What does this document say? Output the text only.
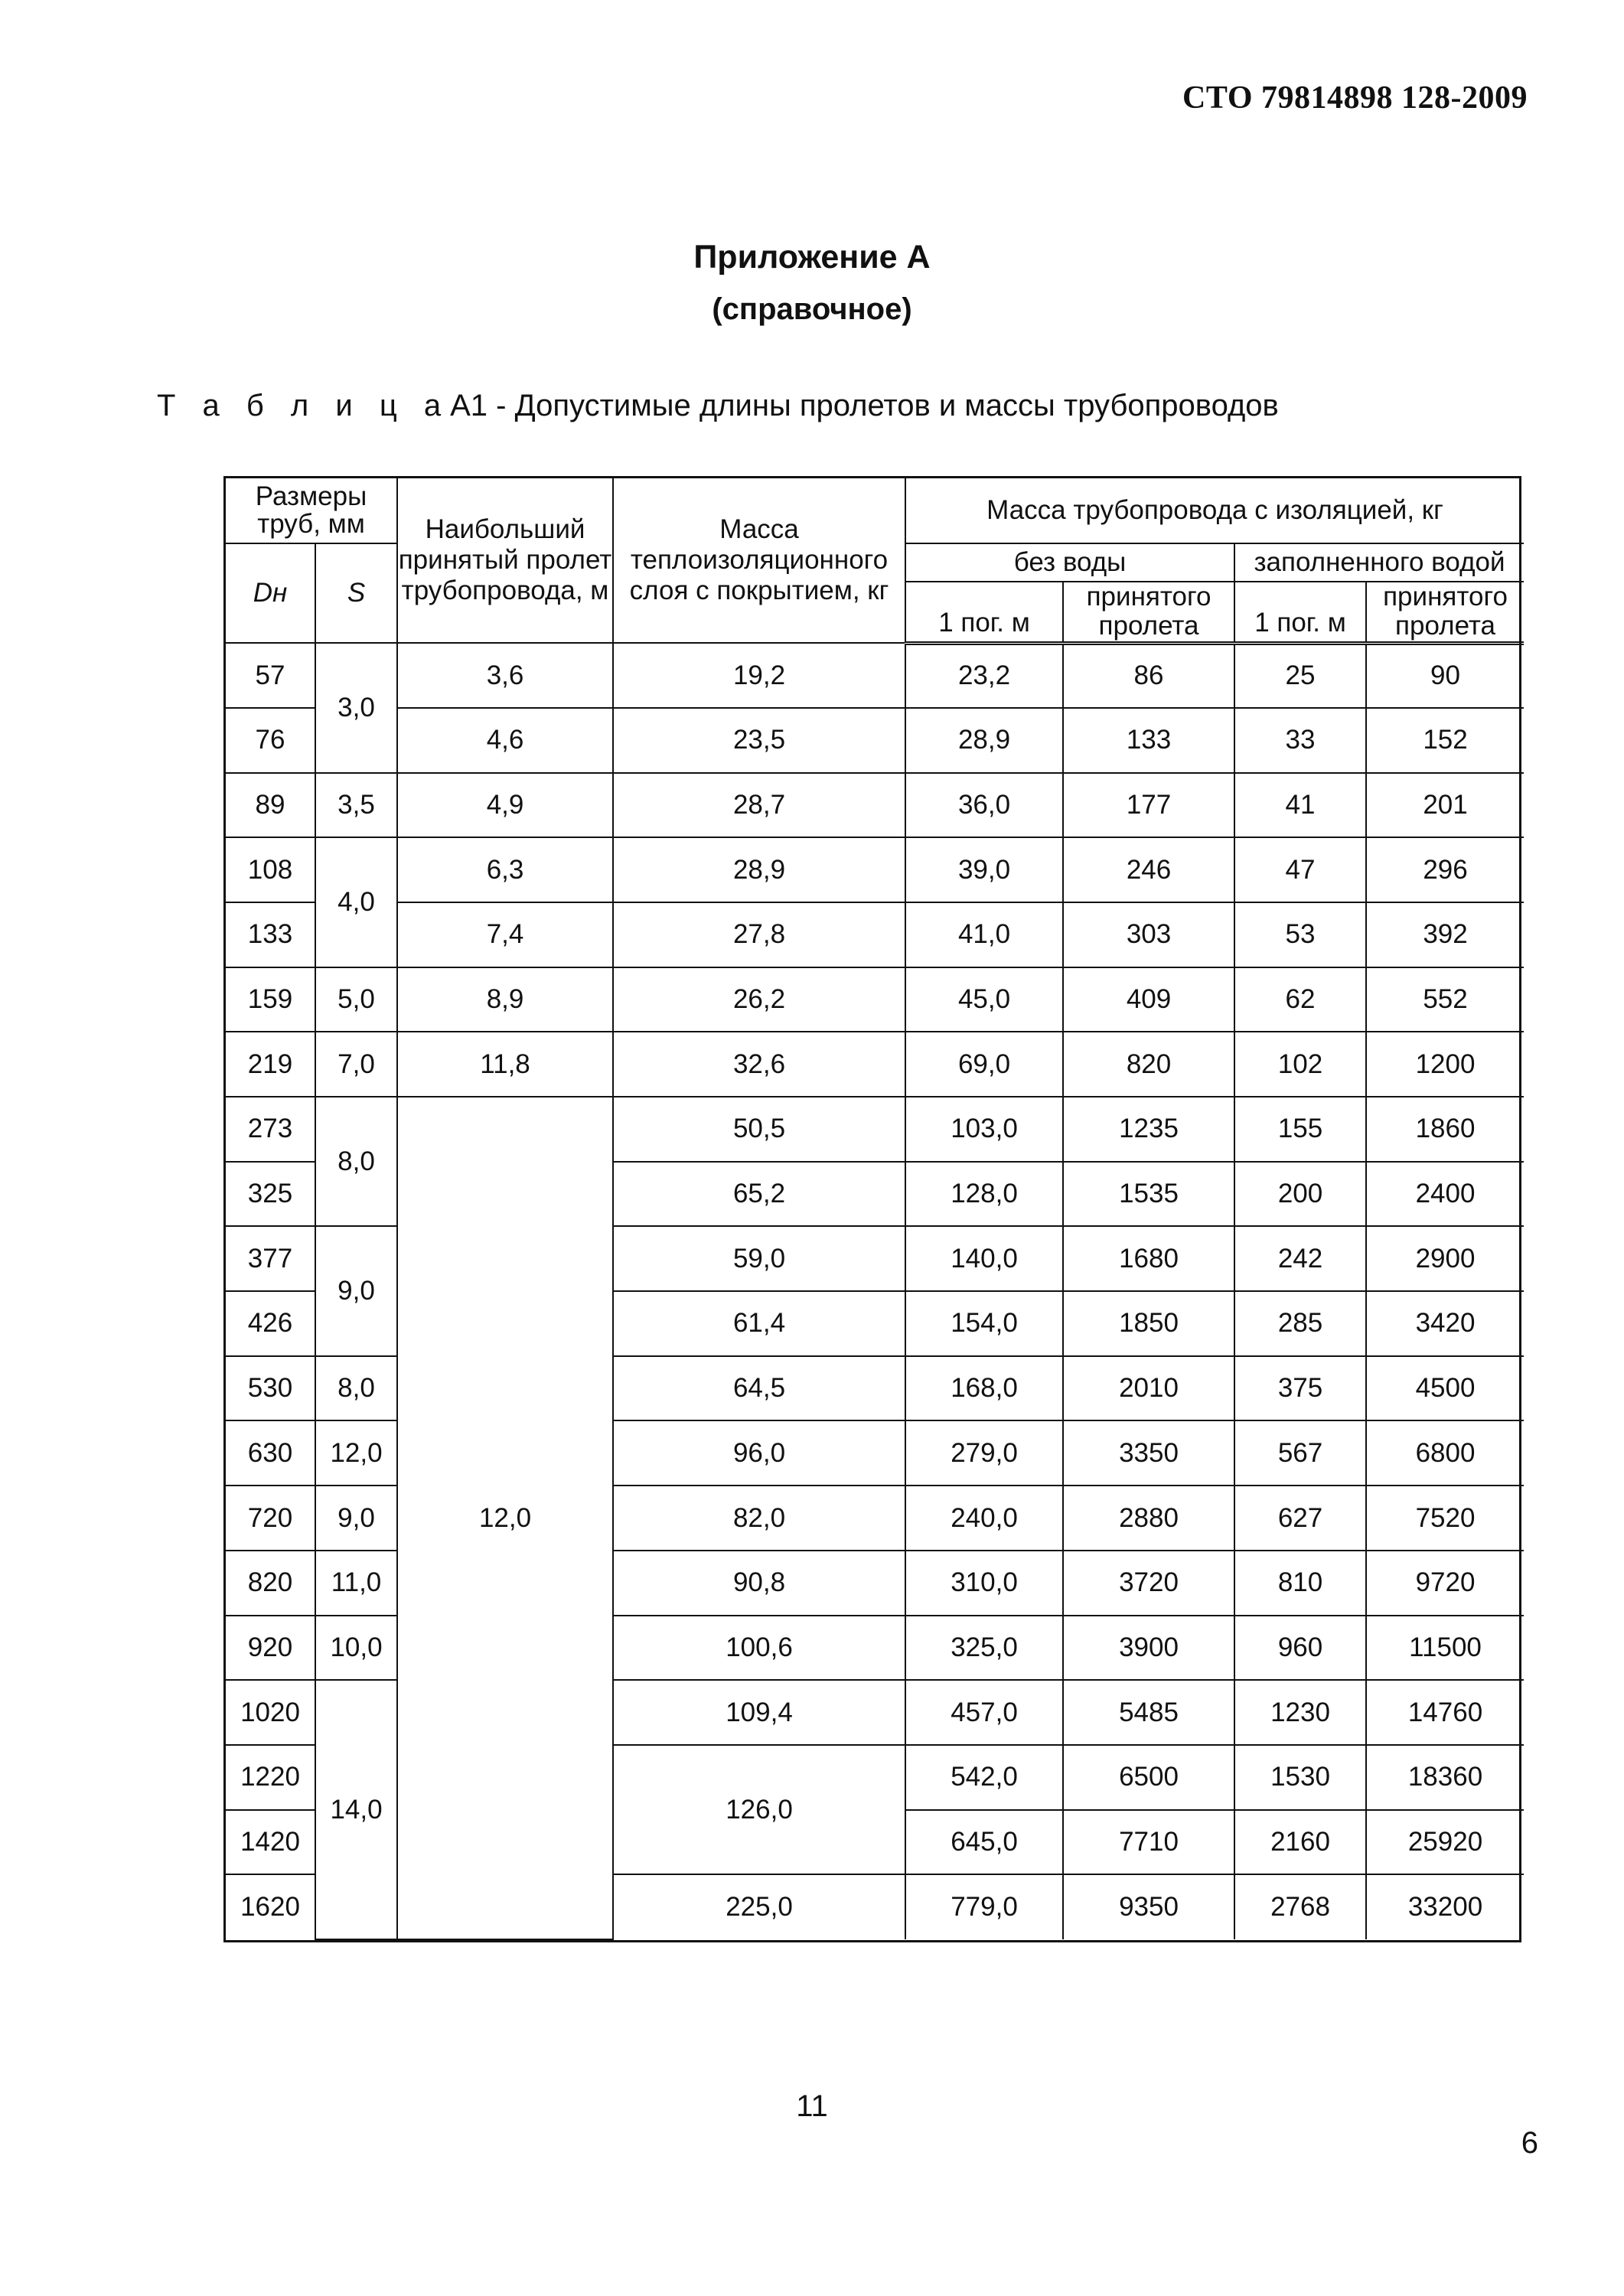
СТО 79814898 128-2009
Приложение А
(справочное)
Т а б л и ц аА1 - Допустимые длины пролетов и массы трубопроводов
Размеры труб, мм		Наибольший принятый пролет трубопровода, м	Масса теплоизоляционного слоя с покрытием, кг	Масса трубопровода с изоляцией, кг			
Dн	S			без воды		заполненного водой	
				1 пог. м	принятого пролета	1 пог. м	принятого пролета
57	3,0	3,6	19,2	23,2	86	25	90
76		4,6	23,5	28,9	133	33	152
89	3,5	4,9	28,7	36,0	177	41	201
108	4,0	6,3	28,9	39,0	246	47	296
133		7,4	27,8	41,0	303	53	392
159	5,0	8,9	26,2	45,0	409	62	552
219	7,0	11,8	32,6	69,0	820	102	1200
273	8,0	12,0	50,5	103,0	1235	155	1860
325			65,2	128,0	1535	200	2400
377	9,0		59,0	140,0	1680	242	2900
426			61,4	154,0	1850	285	3420
530	8,0		64,5	168,0	2010	375	4500
630	12,0		96,0	279,0	3350	567	6800
720	9,0		82,0	240,0	2880	627	7520
820	11,0		90,8	310,0	3720	810	9720
920	10,0		100,6	325,0	3900	960	11500
1020	14,0		109,4	457,0	5485	1230	14760
1220			126,0	542,0	6500	1530	18360
1420				645,0	7710	2160	25920
1620			225,0	779,0	9350	2768	33200
11
6
